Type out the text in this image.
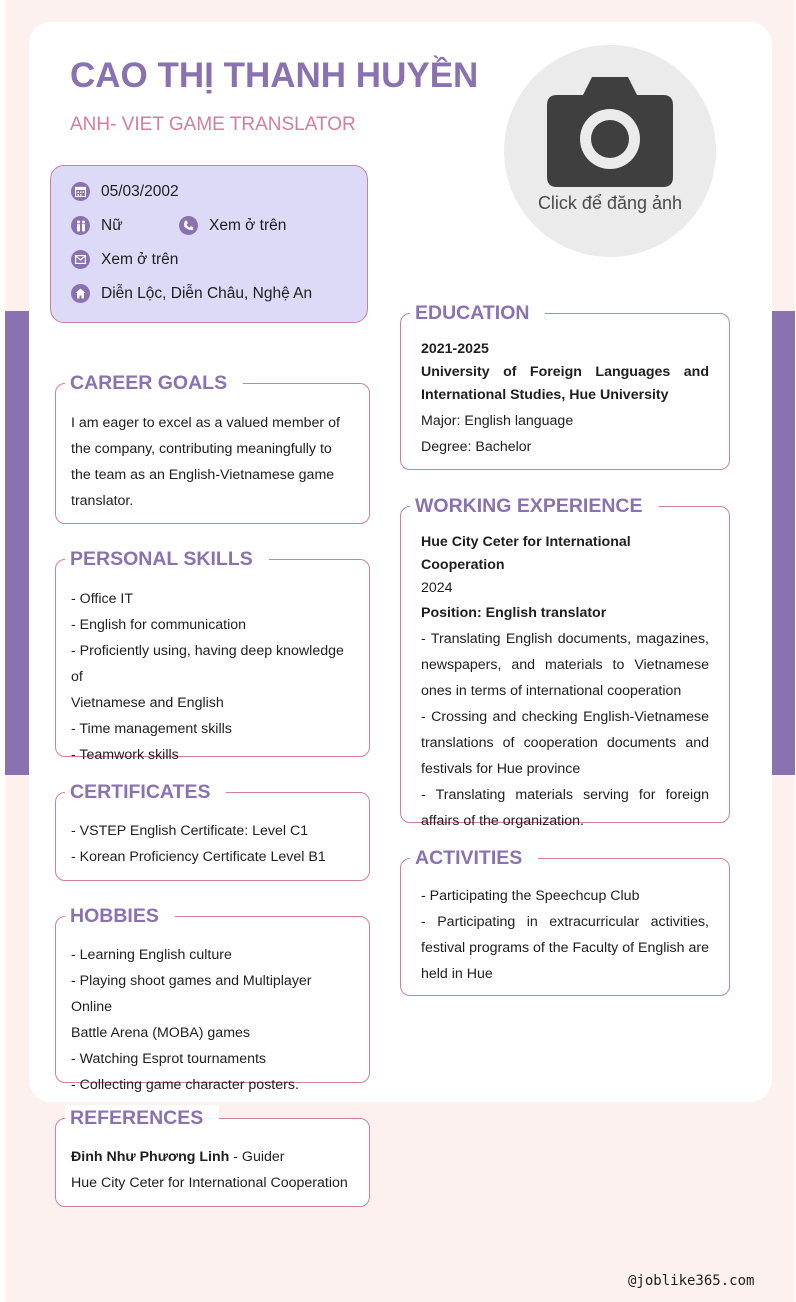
CAO THỊ THANH HUYỀN
ANH- VIET GAME TRANSLATOR
Click để đăng ảnh
05/03/2002
Nữ	Xem ở trên
Xem ở trên
Diễn Lộc, Diễn Châu, Nghệ An
CAREER GOALS
I am eager to excel as a valued member of
the company, contributing meaningfully to
the team as an English-Vietnamese game
translator.
PERSONAL SKILLS
- Office IT
- English for communication
- Proficiently using, having deep knowledge of
Vietnamese and English
- Time management skills
- Teamwork skills
CERTIFICATES
- VSTEP English Certificate: Level C1
- Korean Proficiency Certificate Level B1
HOBBIES
- Learning English culture
- Playing shoot games and Multiplayer Online
Battle Arena (MOBA) games
- Watching Esprot tournaments
- Collecting game character posters.
REFERENCES
Đinh Như Phương Linh - Guider
Hue City Ceter for International Cooperation
EDUCATION
2021-2025
University of Foreign Languages and International Studies, Hue University
Major: English language
Degree: Bachelor
WORKING EXPERIENCE
Hue City Ceter for International Cooperation
2024
Position: English translator
- Translating English documents, magazines, newspapers, and materials to Vietnamese ones in terms of international cooperation
- Crossing and checking English-Vietnamese translations of cooperation documents and festivals for Hue province
- Translating materials serving for foreign affairs of the organization.
ACTIVITIES
- Participating the Speechcup Club
- Participating in extracurricular activities, festival programs of the Faculty of English are held in Hue
@joblike365.com
